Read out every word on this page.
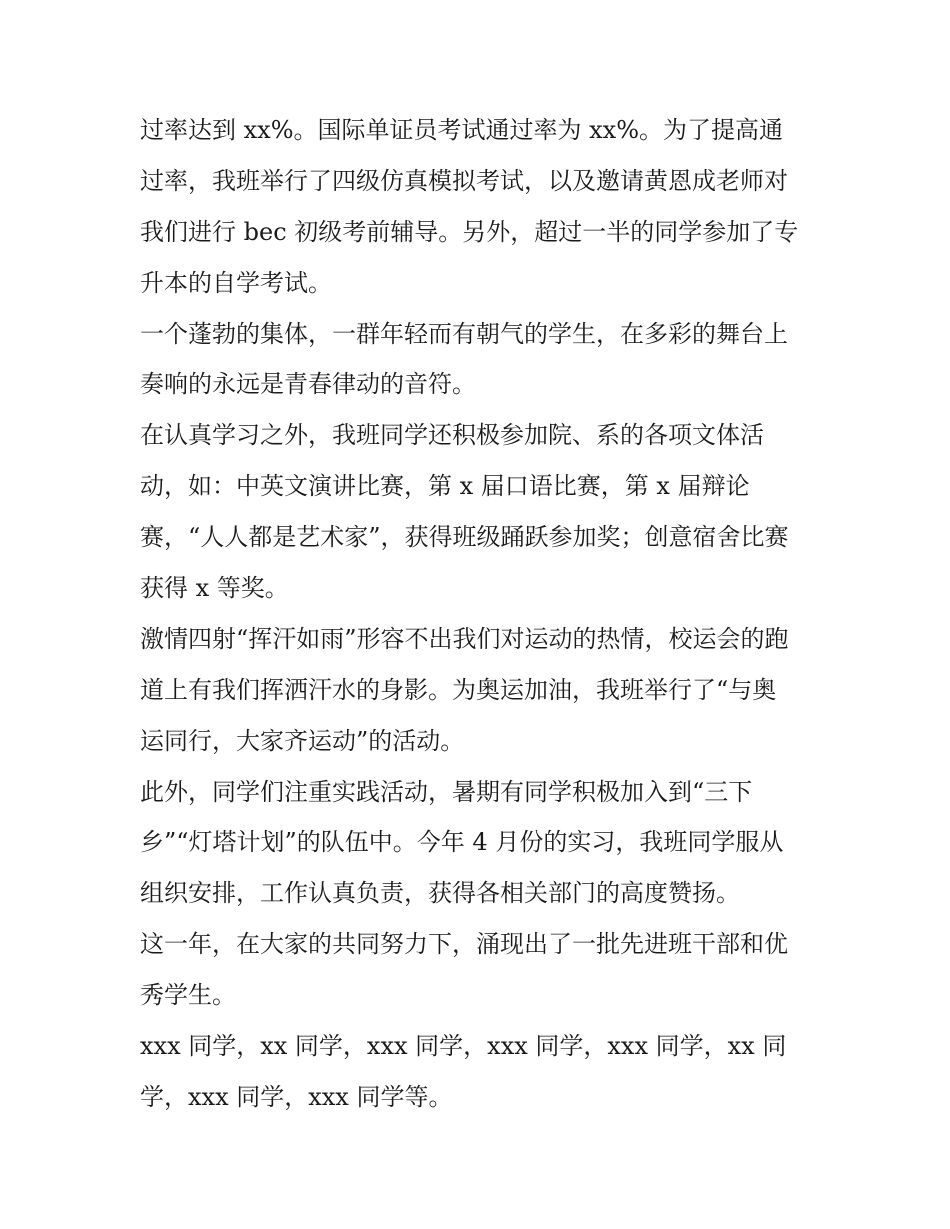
过率达到 xx%。国际单证员考试通过率为 xx%。为了提高通
过率，我班举行了四级仿真模拟考试，以及邀请黄恩成老师对
我们进行 bec 初级考前辅导。另外，超过一半的同学参加了专
升本的自学考试。
一个蓬勃的集体，一群年轻而有朝气的学生，在多彩的舞台上
奏响的永远是青春律动的音符。
在认真学习之外，我班同学还积极参加院、系的各项文体活
动，如：中英文演讲比赛，第 x 届口语比赛，第 x 届辩论
赛，“人人都是艺术家”，获得班级踊跃参加奖；创意宿舍比赛
获得 x 等奖。
激情四射“挥汗如雨”形容不出我们对运动的热情，校运会的跑
道上有我们挥洒汗水的身影。为奥运加油，我班举行了“与奥
运同行，大家齐运动”的活动。
此外，同学们注重实践活动，暑期有同学积极加入到“三下
乡”“灯塔计划”的队伍中。今年 4 月份的实习，我班同学服从
组织安排，工作认真负责，获得各相关部门的高度赞扬。
这一年，在大家的共同努力下，涌现出了一批先进班干部和优
秀学生。
xxx 同学，xx 同学，xxx 同学，xxx 同学，xxx 同学，xx 同
学，xxx 同学，xxx 同学等。
